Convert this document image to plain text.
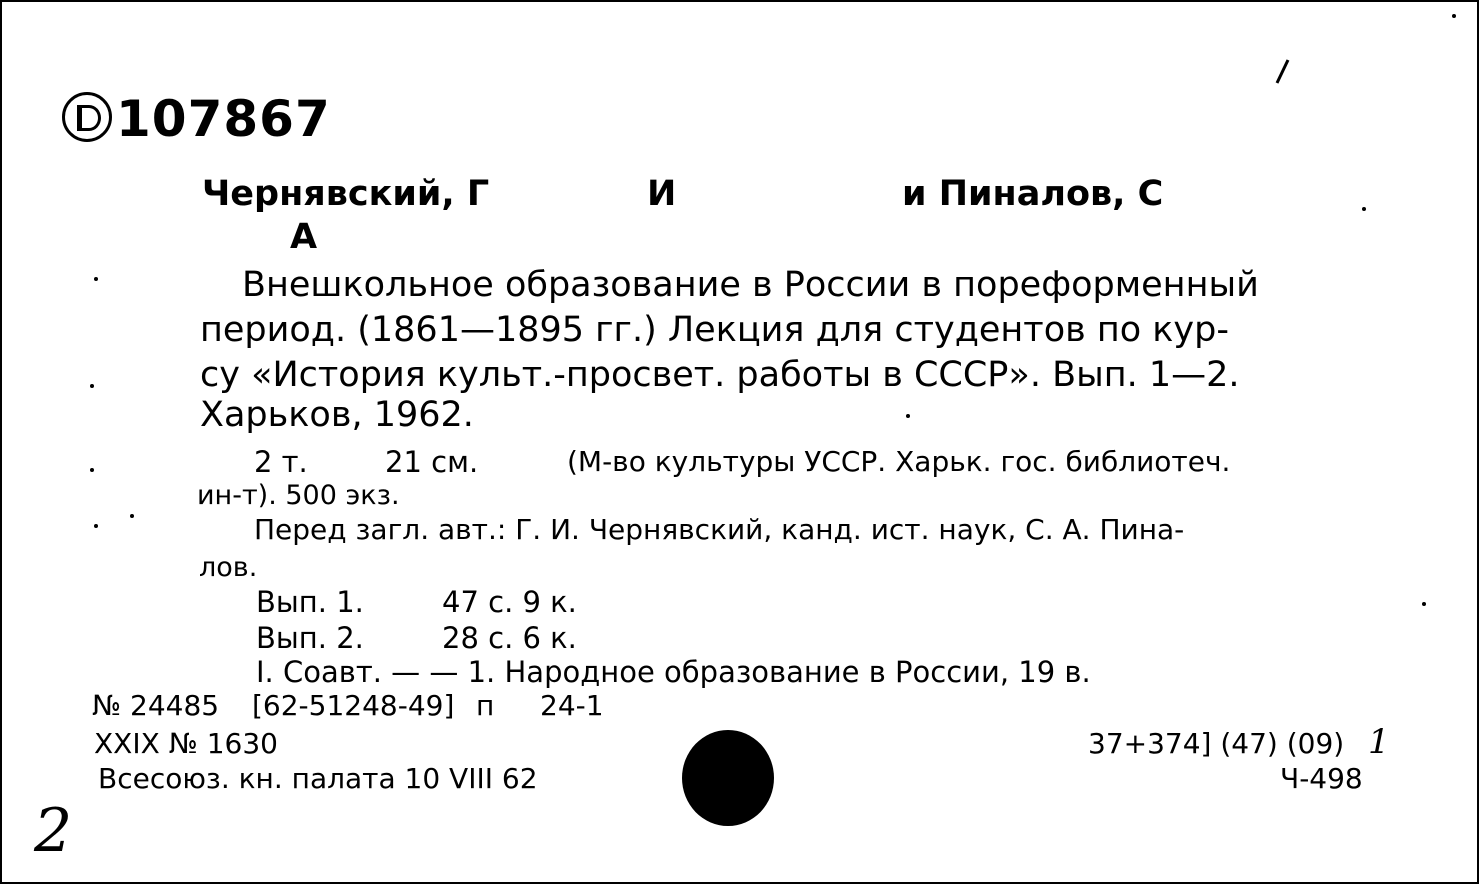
107867
Чернявский, Г	И	и Пиналов, С
А
Внешкольное образование в России в пореформенный
период. (1861—1895 гг.) Лекция для студентов по кур-
су «История культ.-просвет. работы в СССР». Вып. 1—2.
Харьков, 1962.
2 т.	21 см.	(М-во культуры УССР. Харьк. гос. библиотеч.
ин-т). 500 экз.
Перед загл. авт.: Г. И. Чернявский, канд. ист. наук, С. А. Пина-
лов.
Вып. 1.	47 с. 9 к.
Вып. 2.	28 с. 6 к.
I. Соавт. — — 1. Народное образование в России, 19 в.
№ 24485 [62-51248-49] п 24-1
XXIX № 1630
Всесоюз. кн. палата 10 VIII 62
37+374] (47) (09) 1
Ч-498
2
